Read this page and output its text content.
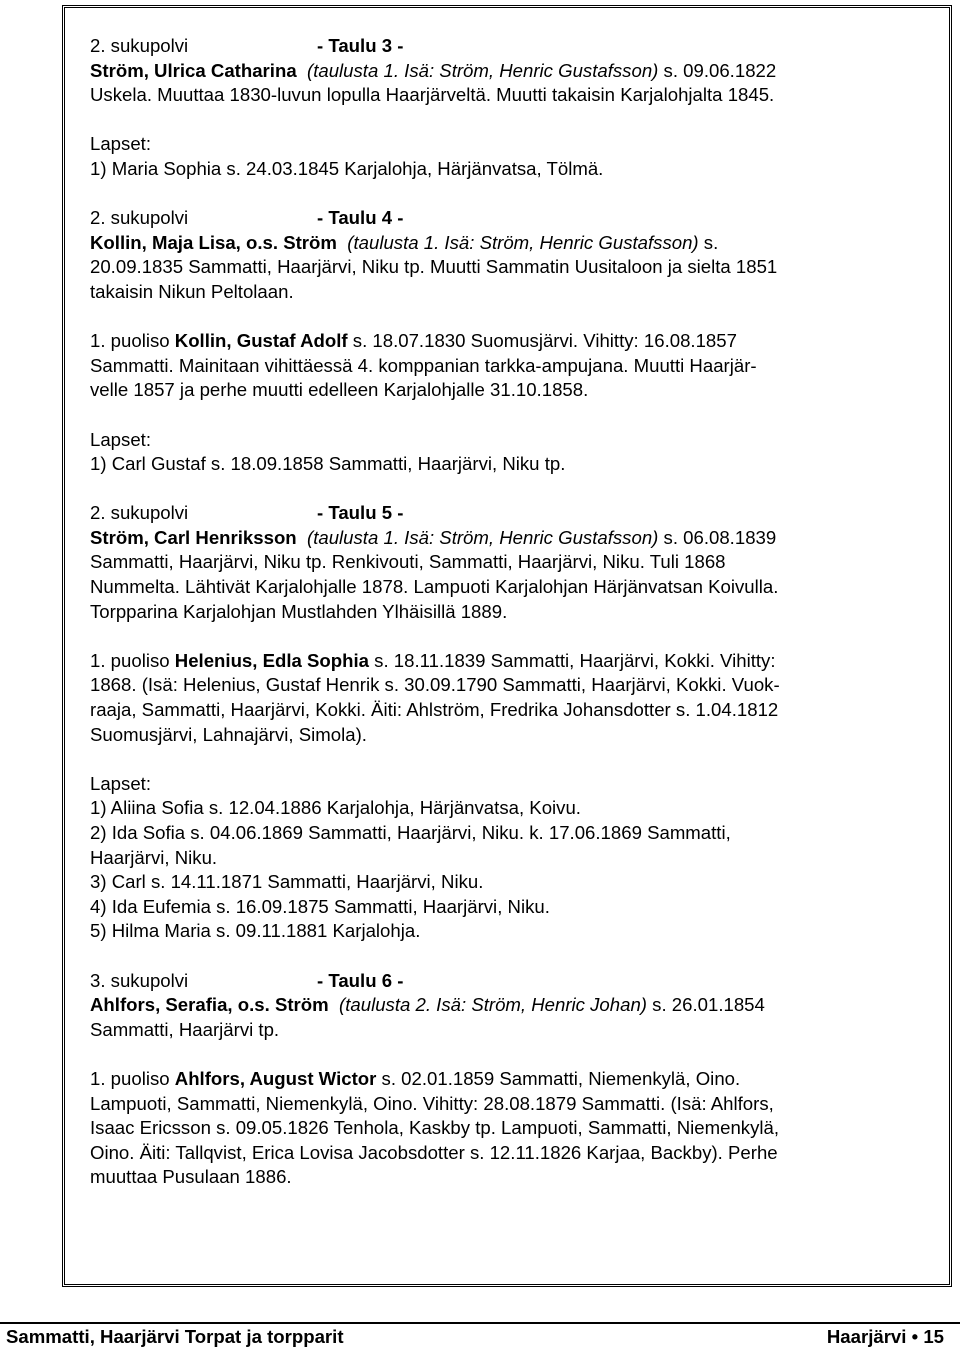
2. sukupolvi	- Taulu 3 -
Ström, Ulrica Catharina (taulusta 1. Isä: Ström, Henric Gustafsson) s. 09.06.1822
Uskela. Muuttaa 1830-luvun lopulla Haarjärveltä. Muutti takaisin Karjalohjalta 1845.
Lapset:
1) Maria Sophia s. 24.03.1845 Karjalohja, Härjänvatsa, Tölmä.
2. sukupolvi	- Taulu 4 -
Kollin, Maja Lisa, o.s. Ström (taulusta 1. Isä: Ström, Henric Gustafsson) s.
20.09.1835 Sammatti, Haarjärvi, Niku tp. Muutti Sammatin Uusitaloon ja sielta 1851
takaisin Nikun Peltolaan.
1. puoliso Kollin, Gustaf Adolf s. 18.07.1830 Suomusjärvi. Vihitty: 16.08.1857
Sammatti. Mainitaan vihittäessä 4. komppanian tarkka-ampujana. Muutti Haarjär-
velle 1857 ja perhe muutti edelleen Karjalohjalle 31.10.1858.
Lapset:
1) Carl Gustaf s. 18.09.1858 Sammatti, Haarjärvi, Niku tp.
2. sukupolvi	- Taulu 5 -
Ström, Carl Henriksson (taulusta 1. Isä: Ström, Henric Gustafsson) s. 06.08.1839
Sammatti, Haarjärvi, Niku tp. Renkivouti, Sammatti, Haarjärvi, Niku. Tuli 1868
Nummelta. Lähtivät Karjalohjalle 1878. Lampuoti Karjalohjan Härjänvatsan Koivulla.
Torpparina Karjalohjan Mustlahden Ylhäisillä 1889.
1. puoliso Helenius, Edla Sophia s. 18.11.1839 Sammatti, Haarjärvi, Kokki. Vihitty:
1868. (Isä: Helenius, Gustaf Henrik s. 30.09.1790 Sammatti, Haarjärvi, Kokki. Vuok-
raaja, Sammatti, Haarjärvi, Kokki. Äiti: Ahlström, Fredrika Johansdotter s. 1.04.1812
Suomusjärvi, Lahnajärvi, Simola).
Lapset:
1) Aliina Sofia s. 12.04.1886 Karjalohja, Härjänvatsa, Koivu.
2) Ida Sofia s. 04.06.1869 Sammatti, Haarjärvi, Niku. k. 17.06.1869 Sammatti,
Haarjärvi, Niku.
3) Carl s. 14.11.1871 Sammatti, Haarjärvi, Niku.
4) Ida Eufemia s. 16.09.1875 Sammatti, Haarjärvi, Niku.
5) Hilma Maria s. 09.11.1881 Karjalohja.
3. sukupolvi	- Taulu 6 -
Ahlfors, Serafia, o.s. Ström (taulusta 2. Isä: Ström, Henric Johan) s. 26.01.1854
Sammatti, Haarjärvi tp.
1. puoliso Ahlfors, August Wictor s. 02.01.1859 Sammatti, Niemenkylä, Oino.
Lampuoti, Sammatti, Niemenkylä, Oino. Vihitty: 28.08.1879 Sammatti. (Isä: Ahlfors,
Isaac Ericsson s. 09.05.1826 Tenhola, Kaskby tp. Lampuoti, Sammatti, Niemenkylä,
Oino. Äiti: Tallqvist, Erica Lovisa Jacobsdotter s. 12.11.1826 Karjaa, Backby). Perhe
muuttaa Pusulaan 1886.
Sammatti, Haarjärvi Torpat ja torpparit	Haarjärvi • 15
